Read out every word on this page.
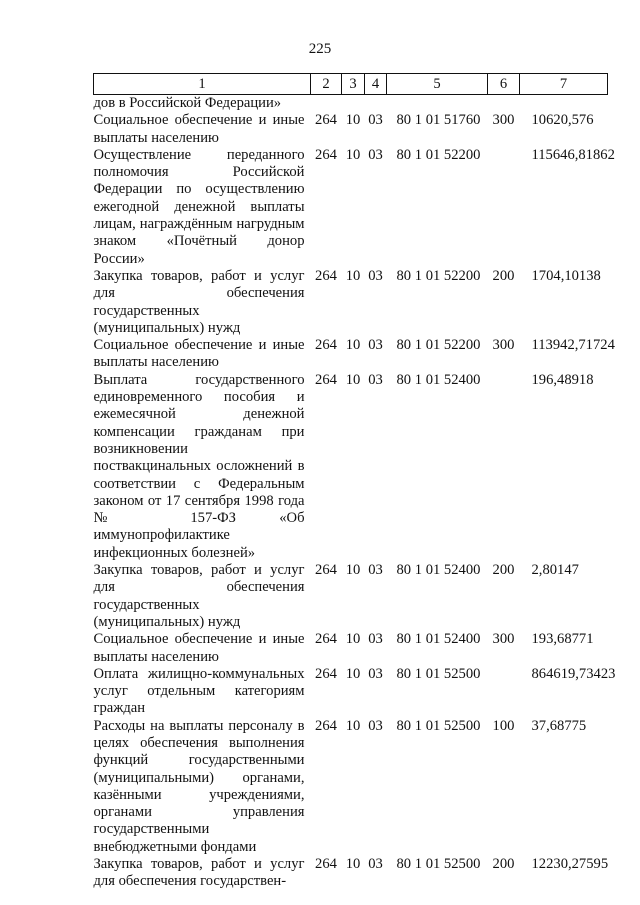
225
1	2	3	4	5	6	7
дов в Российской Федерации»						
Социальное обеспечение и иные выплаты населению	264	10	03	80 1 01 51760	300	10620,576
Осуществление переданного полномочия Российской Федерации по осуществлению ежегодной денежной выплаты лицам, награждённым нагрудным знаком «Почётный донор России»	264	10	03	80 1 01 52200		115646,81862
Закупка товаров, работ и услуг для обеспечения государственных (муниципальных) нужд	264	10	03	80 1 01 52200	200	1704,10138
Социальное обеспечение и иные выплаты населению	264	10	03	80 1 01 52200	300	113942,71724
Выплата государственного единовременного пособия и ежемесячной денежной компенсации гражданам при возникновении поствакцинальных осложнений в соответствии с Федеральным законом от 17 сентября 1998 года № 157-ФЗ «Об иммунопрофилактике инфекционных болезней»	264	10	03	80 1 01 52400		196,48918
Закупка товаров, работ и услуг для обеспечения государственных (муниципальных) нужд	264	10	03	80 1 01 52400	200	2,80147
Социальное обеспечение и иные выплаты населению	264	10	03	80 1 01 52400	300	193,68771
Оплата жилищно-коммунальных услуг отдельным категориям граждан	264	10	03	80 1 01 52500		864619,73423
Расходы на выплаты персоналу в целях обеспечения выполнения функций государственными (муниципальными) органами, казёнными учреждениями, органами управления государственными внебюджетными фондами	264	10	03	80 1 01 52500	100	37,68775
Закупка товаров, работ и услуг для обеспечения государствен-	264	10	03	80 1 01 52500	200	12230,27595
